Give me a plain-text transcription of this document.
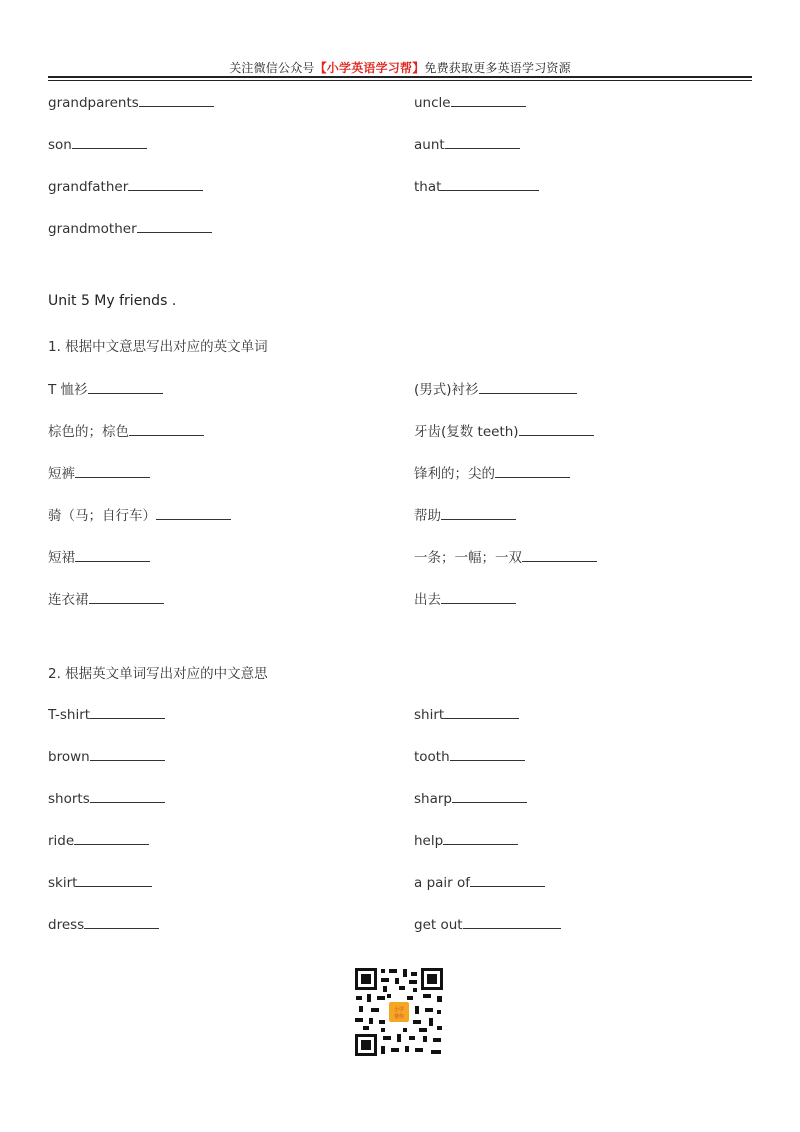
关注微信公众号【小学英语学习帮】免费获取更多英语学习资源
grandparents
son
grandfather
grandmother
uncle
aunt
that
Unit 5 My friends .
1. 根据中文意思写出对应的英文单词
T 恤衫
棕色的；棕色
短裤
骑（马；自行车）
短裙
连衣裙
(男式)衬衫
牙齿(复数 teeth)
锋利的；尖的
帮助
一条；一幅；一双
出去
2. 根据英文单词写出对应的中文意思
T-shirt
brown
shorts
ride
skirt
dress
shirt
tooth
sharp
help
a pair of
get out
小学
帮你
